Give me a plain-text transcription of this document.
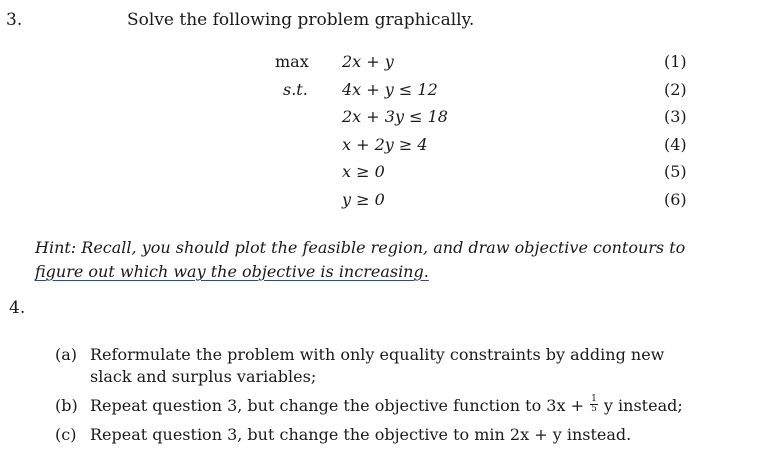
3.	Solve the following problem graphically.
max
s.t.
2x + y
4x + y ≤ 12
2x + 3y ≤ 18
x + 2y ≥ 4
x ≥ 0
y ≥ 0
(1)
(2)
(3)
(4)
(5)
(6)
Hint: Recall, you should plot the feasible region, and draw objective contours to
figure out which way the objective is increasing.
4.
(a) Reformulate the problem with only equality constraints by adding new slack and surplus variables;
(b) Repeat question 3, but change the objective function to $3x + \frac{1}{5}$ y instead;
(c) Repeat question 3, but change the objective to min 2x + y instead.
